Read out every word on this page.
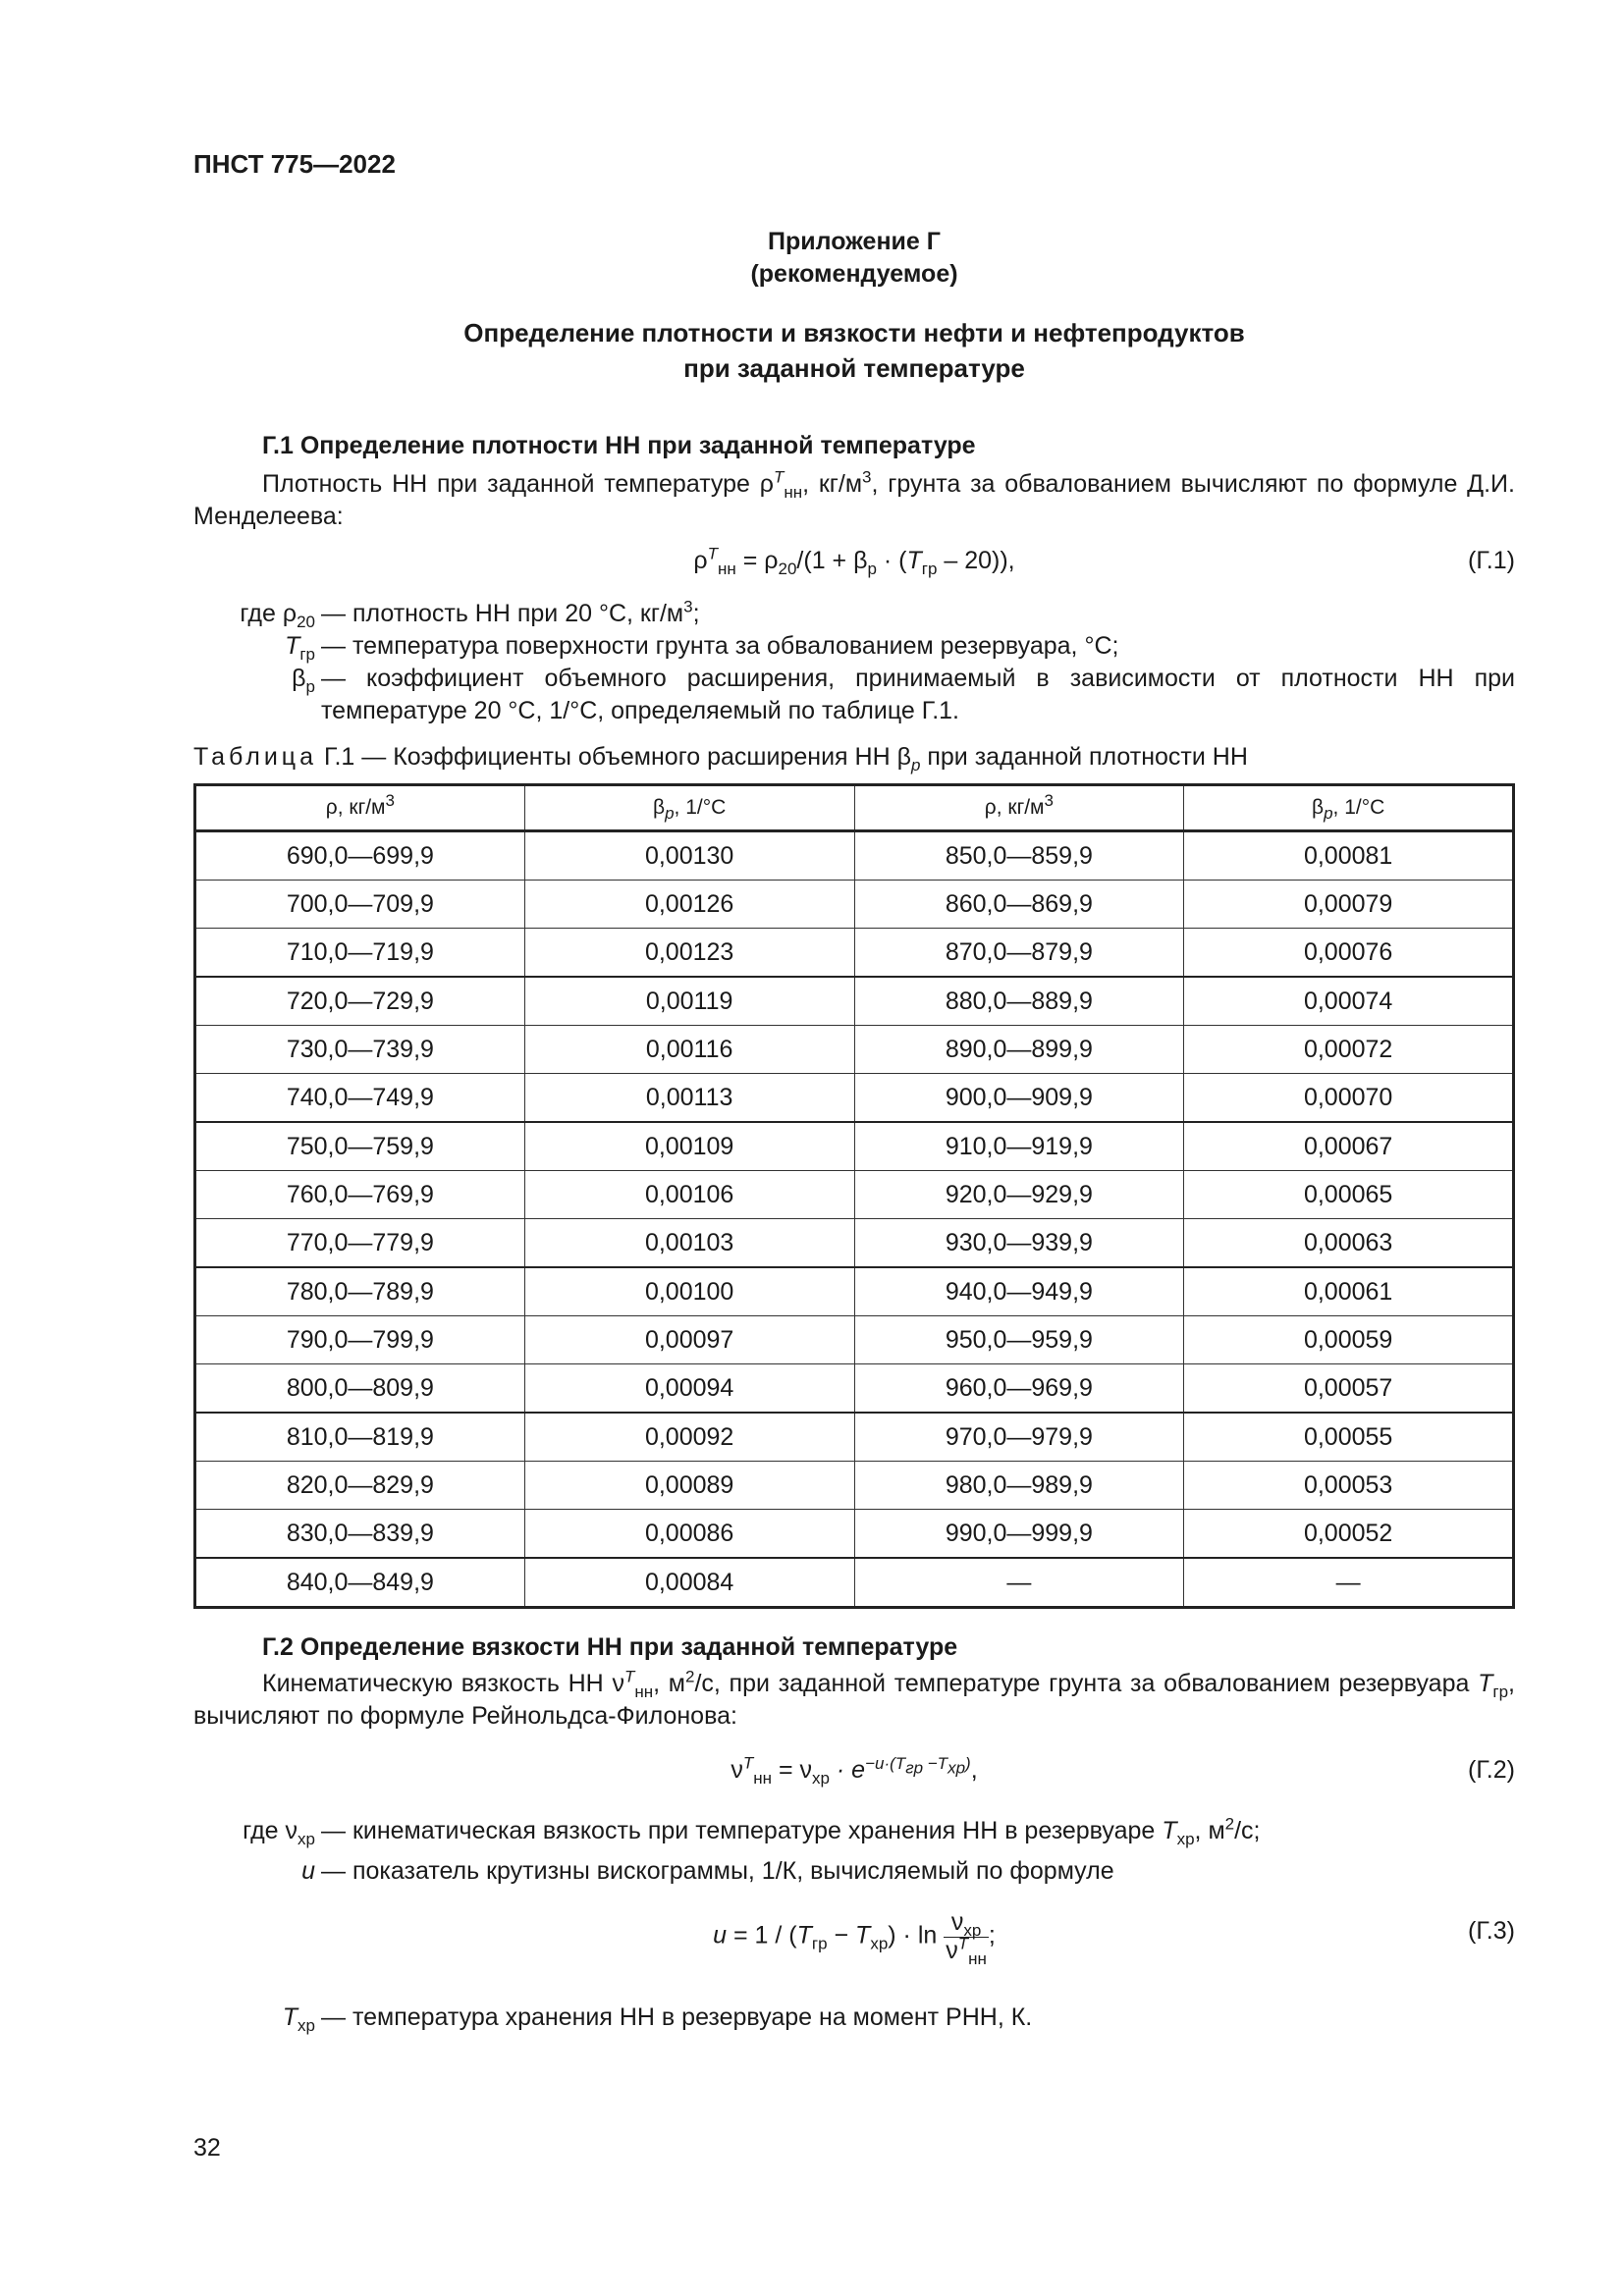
ПНСТ 775—2022
Приложение Г
(рекомендуемое)
Определение плотности и вязкости нефти и нефтепродуктов
при заданной температуре
Г.1 Определение плотности НН при заданной температуре
Плотность НН при заданной температуре $\rho^T_{нн}$, $кг/м^3$, грунта за обвалованием вычисляют по формуле Д.И. Менделеева:
$\rho^T_{нн} = \rho_{20}/(1 + \beta_р \cdot (T_{гр} - 20))$,	(Г.1)
где $\rho_{20}$ — плотность НН при 20 °С, $кг/м^3$;
$T_{гр}$ — температура поверхности грунта за обвалованием резервуара, °С;
$\beta_р$ — коэффициент объемного расширения, принимаемый в зависимости от плотности НН при температуре 20 °С, 1/°С, определяемый по таблице Г.1.
Таблица Г.1 — Коэффициенты объемного расширения НН $\beta_p$ при заданной плотности НН
ρ, $кг/м^3$	$\beta_p$, 1/°С	ρ, $кг/м^3$	$\beta_p$, 1/°С
690,0—699,9	0,00130	850,0—859,9	0,00081
700,0—709,9	0,00126	860,0—869,9	0,00079
710,0—719,9	0,00123	870,0—879,9	0,00076
720,0—729,9	0,00119	880,0—889,9	0,00074
730,0—739,9	0,00116	890,0—899,9	0,00072
740,0—749,9	0,00113	900,0—909,9	0,00070
750,0—759,9	0,00109	910,0—919,9	0,00067
760,0—769,9	0,00106	920,0—929,9	0,00065
770,0—779,9	0,00103	930,0—939,9	0,00063
780,0—789,9	0,00100	940,0—949,9	0,00061
790,0—799,9	0,00097	950,0—959,9	0,00059
800,0—809,9	0,00094	960,0—969,9	0,00057
810,0—819,9	0,00092	970,0—979,9	0,00055
820,0—829,9	0,00089	980,0—989,9	0,00053
830,0—839,9	0,00086	990,0—999,9	0,00052
840,0—849,9	0,00084	—	—
Г.2 Определение вязкости НН при заданной температуре
Кинематическую вязкость НН $\nu^T_{нн}$, $м^2/с$, при заданной температуре грунта за обвалованием резервуара $T_{гр}$, вычисляют по формуле Рейнольдса-Филонова:
$\nu^T_{нн} = \nu_{хр} \cdot e^{-u\cdot(T_{гр} -T_{хр})}$,	(Г.2)
где $\nu_{хр}$ — кинематическая вязкость при температуре хранения НН в резервуаре $T_{хр}$, $м^2/с$;
u — показатель крутизны вискограммы, 1/К, вычисляемый по формуле
$u = 1 / (T_{гр} - T_{хр}) \cdot \ln \frac{\nu_{хр}}{\nu^T_{нн}}$ ;	(Г.3)
$T_{хр}$ — температура хранения НН в резервуаре на момент РНН, К.
32
